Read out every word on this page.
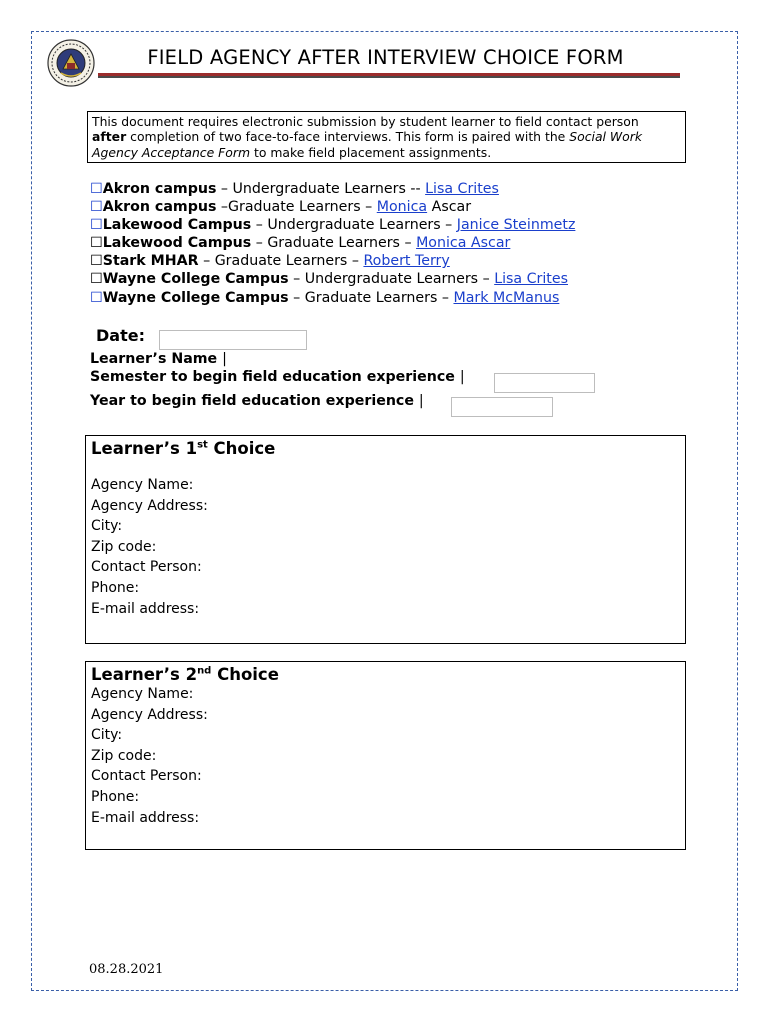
FIELD AGENCY AFTER INTERVIEW CHOICE FORM
This document requires electronic submission by student learner to field contact person
after completion of two face-to-face interviews. This form is paired with the Social Work Agency Acceptance Form to make field placement assignments.
☐Akron campus – Undergraduate Learners -- Lisa Crites
☐Akron campus –Graduate Learners – Monica Ascar
☐Lakewood Campus – Undergraduate Learners – Janice Steinmetz
☐Lakewood Campus – Graduate Learners – Monica Ascar
☐Stark MHAR – Graduate Learners – Robert Terry
☐Wayne College Campus – Undergraduate Learners – Lisa Crites
☐Wayne College Campus – Graduate Learners – Mark McManus
Date:
Learner’s Name |
Semester to begin field education experience |
Year to begin field education experience |
Learner’s 1st Choice
Agency Name:
Agency Address:
City:
Zip code:
Contact Person:
Phone:
E-mail address:
Learner’s 2nd Choice
Agency Name:
Agency Address:
City:
Zip code:
Contact Person:
Phone:
E-mail address:
08.28.2021
